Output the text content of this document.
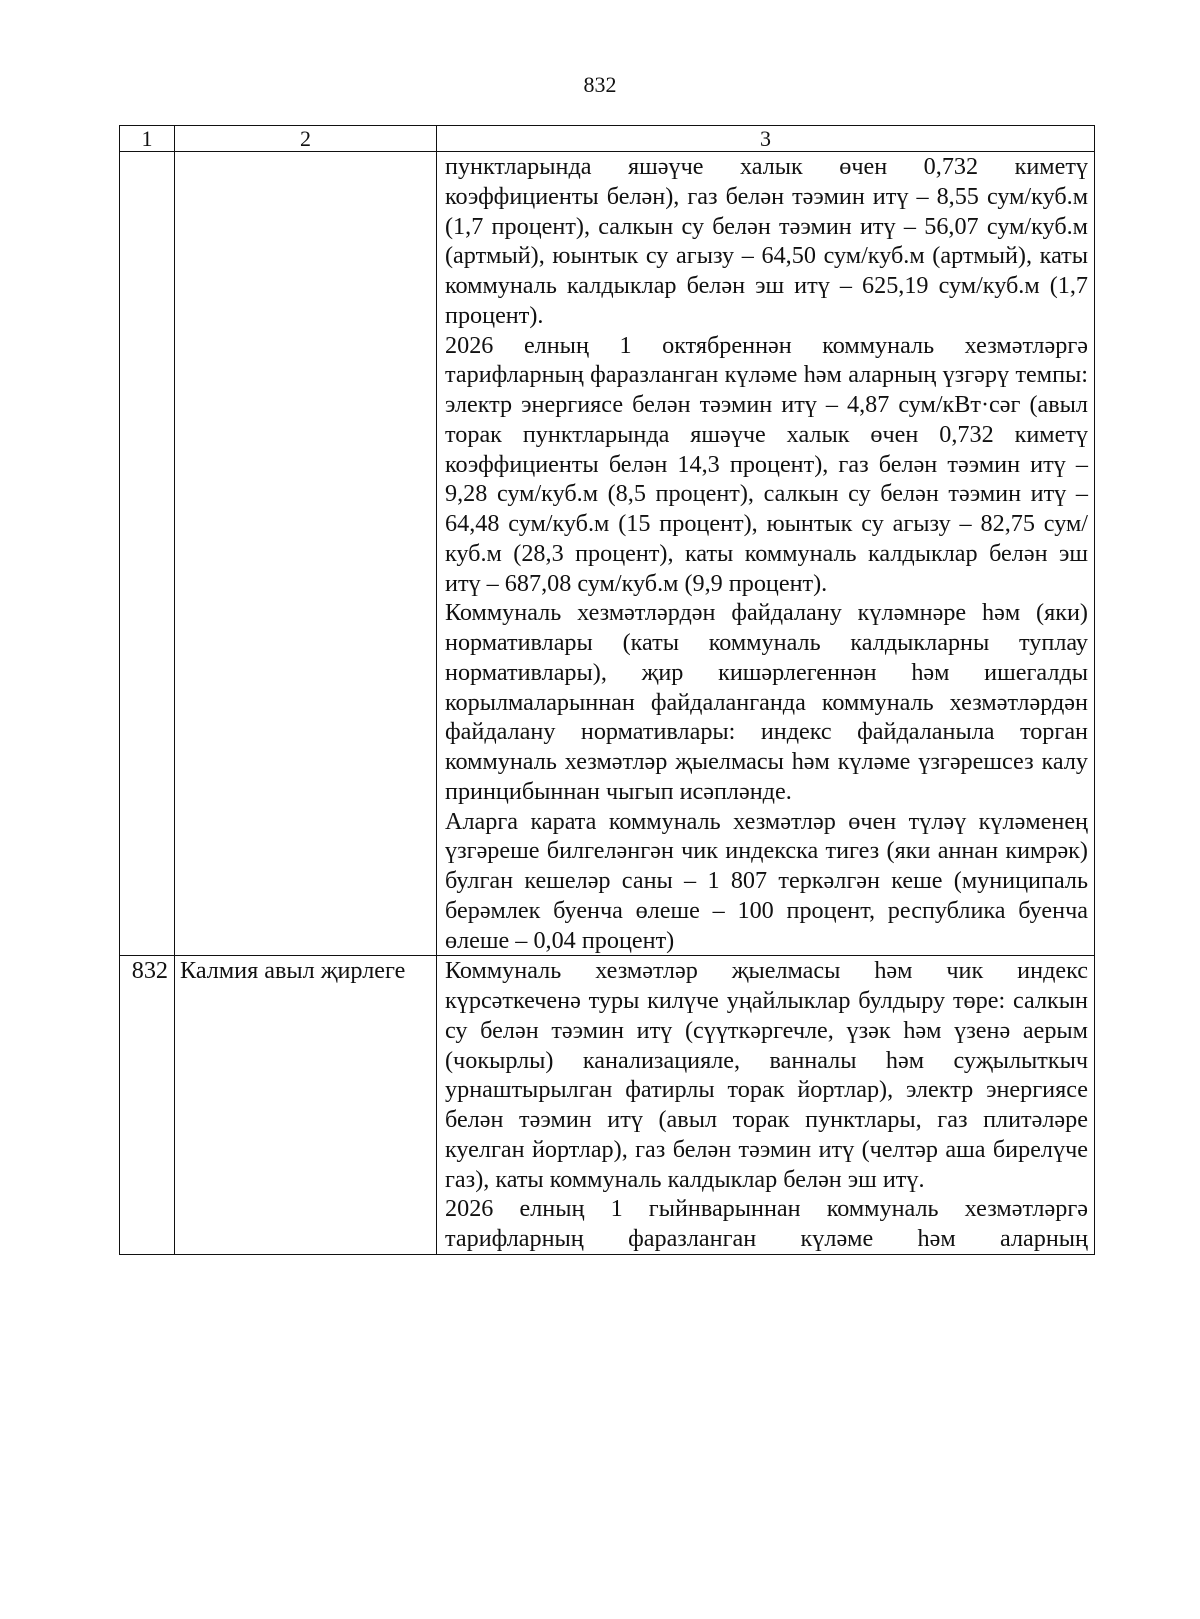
832
1	2	3

		пунктларында яшәүче халык өчен 0,732 киметү коэффициенты белән), газ белән тәэмин итү – 8,55 сум/куб.м (1,7 процент), салкын су белән тәэмин итү – 56,07 сум/куб.м (артмый), юынтык су агызу – 64,50 сум/куб.м (артмый), каты коммуналь калдыклар белән эш итү – 625,19 сум/куб.м (1,7 процент).

2026 елның 1 октябреннән коммуналь хезмәтләргә тарифларның фаразланган күләме һәм аларның үзгәрү темпы: электр энергиясе белән тәэмин итү – 4,87 сум/кВт·сәг (авыл торак пунктларында яшәүче халык өчен 0,732 киметү коэффициенты белән 14,3 процент), газ белән тәэмин итү – 9,28 сум/куб.м (8,5 процент), салкын су белән тәэмин итү – 64,48 сум/куб.м (15 процент), юынтык су агызу – 82,75 сум/куб.м (28,3 процент), каты коммуналь калдыклар белән эш итү – 687,08 сум/куб.м (9,9 процент).

Коммуналь хезмәтләрдән файдалану күләмнәре һәм (яки) нормативлары (каты коммуналь калдыкларны туплау нормативлары), җир кишәрлегеннән һәм ишегалды корылмаларыннан файдаланганда коммуналь хезмәтләрдән файдалану нормативлары: индекс файдаланыла торган коммуналь хезмәтләр җыелмасы һәм күләме үзгәрешсез калу принцибыннан чыгып исәпләнде.

Аларга карата коммуналь хезмәтләр өчен түләү күләменең үзгәреше билгеләнгән чик индекска тигез (яки аннан кимрәк) булган кешеләр саны – 1 807 теркәлгән кеше (муниципаль берәмлек буенча өлеше – 100 процент, республика буенча өлеше – 0,04 процент)

832	Калмия авыл җирлеге	Коммуналь хезмәтләр җыелмасы һәм чик индекс күрсәткеченә туры килүче уңайлыклар булдыру төре: салкын су белән тәэмин итү (сүүткәргечле, үзәк һәм үзенә аерым (чокырлы) канализацияле, ванналы һәм суҗылыткыч урнаштырылган фатирлы торак йортлар), электр энергиясе белән тәэмин итү (авыл торак пунктлары, газ плитәләре куелган йортлар), газ белән тәэмин итү (челтәр аша бирелүче газ), каты коммуналь калдыклар белән эш итү.

2026 елның 1 гыйнварыннан коммуналь хезмәтләргә тарифларның фаразланган күләме һәм аларның
